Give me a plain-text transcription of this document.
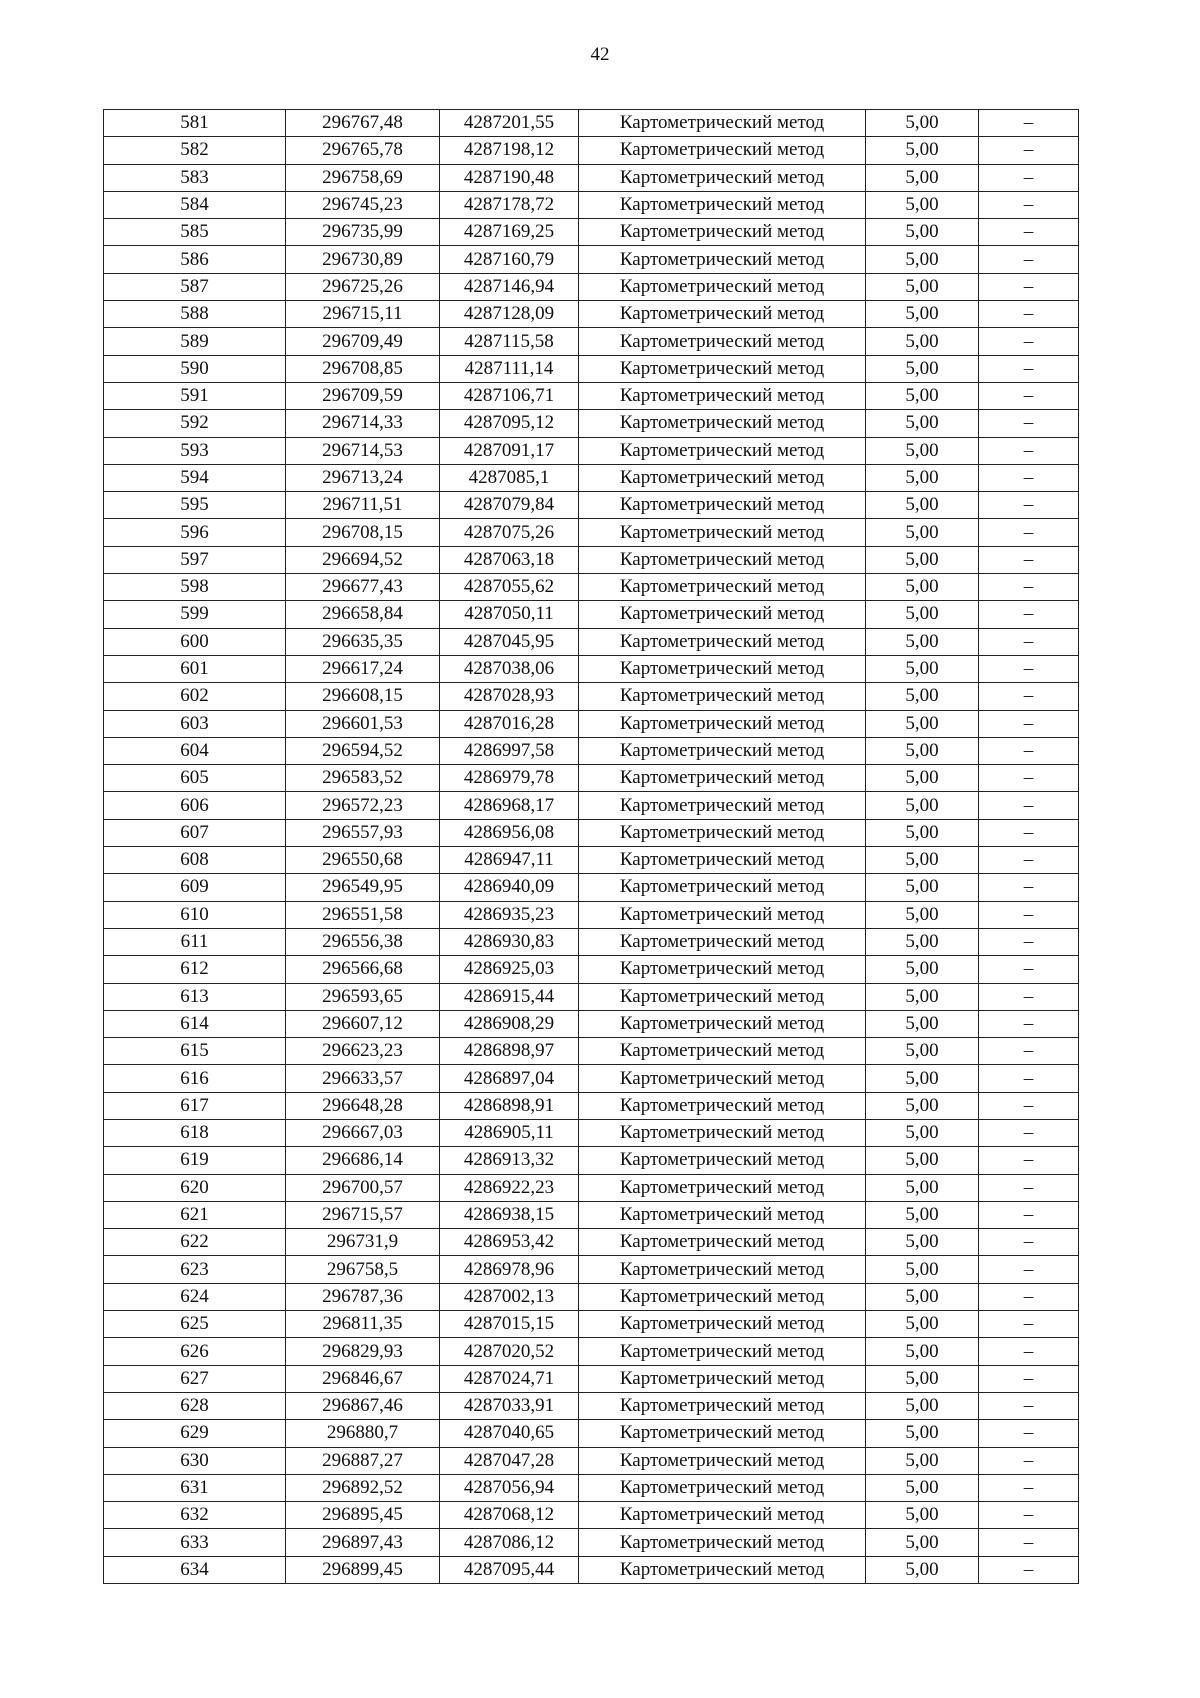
42
581	296767,48	4287201,55	Картометрический метод	5,00	–
582	296765,78	4287198,12	Картометрический метод	5,00	–
583	296758,69	4287190,48	Картометрический метод	5,00	–
584	296745,23	4287178,72	Картометрический метод	5,00	–
585	296735,99	4287169,25	Картометрический метод	5,00	–
586	296730,89	4287160,79	Картометрический метод	5,00	–
587	296725,26	4287146,94	Картометрический метод	5,00	–
588	296715,11	4287128,09	Картометрический метод	5,00	–
589	296709,49	4287115,58	Картометрический метод	5,00	–
590	296708,85	4287111,14	Картометрический метод	5,00	–
591	296709,59	4287106,71	Картометрический метод	5,00	–
592	296714,33	4287095,12	Картометрический метод	5,00	–
593	296714,53	4287091,17	Картометрический метод	5,00	–
594	296713,24	4287085,1	Картометрический метод	5,00	–
595	296711,51	4287079,84	Картометрический метод	5,00	–
596	296708,15	4287075,26	Картометрический метод	5,00	–
597	296694,52	4287063,18	Картометрический метод	5,00	–
598	296677,43	4287055,62	Картометрический метод	5,00	–
599	296658,84	4287050,11	Картометрический метод	5,00	–
600	296635,35	4287045,95	Картометрический метод	5,00	–
601	296617,24	4287038,06	Картометрический метод	5,00	–
602	296608,15	4287028,93	Картометрический метод	5,00	–
603	296601,53	4287016,28	Картометрический метод	5,00	–
604	296594,52	4286997,58	Картометрический метод	5,00	–
605	296583,52	4286979,78	Картометрический метод	5,00	–
606	296572,23	4286968,17	Картометрический метод	5,00	–
607	296557,93	4286956,08	Картометрический метод	5,00	–
608	296550,68	4286947,11	Картометрический метод	5,00	–
609	296549,95	4286940,09	Картометрический метод	5,00	–
610	296551,58	4286935,23	Картометрический метод	5,00	–
611	296556,38	4286930,83	Картометрический метод	5,00	–
612	296566,68	4286925,03	Картометрический метод	5,00	–
613	296593,65	4286915,44	Картометрический метод	5,00	–
614	296607,12	4286908,29	Картометрический метод	5,00	–
615	296623,23	4286898,97	Картометрический метод	5,00	–
616	296633,57	4286897,04	Картометрический метод	5,00	–
617	296648,28	4286898,91	Картометрический метод	5,00	–
618	296667,03	4286905,11	Картометрический метод	5,00	–
619	296686,14	4286913,32	Картометрический метод	5,00	–
620	296700,57	4286922,23	Картометрический метод	5,00	–
621	296715,57	4286938,15	Картометрический метод	5,00	–
622	296731,9	4286953,42	Картометрический метод	5,00	–
623	296758,5	4286978,96	Картометрический метод	5,00	–
624	296787,36	4287002,13	Картометрический метод	5,00	–
625	296811,35	4287015,15	Картометрический метод	5,00	–
626	296829,93	4287020,52	Картометрический метод	5,00	–
627	296846,67	4287024,71	Картометрический метод	5,00	–
628	296867,46	4287033,91	Картометрический метод	5,00	–
629	296880,7	4287040,65	Картометрический метод	5,00	–
630	296887,27	4287047,28	Картометрический метод	5,00	–
631	296892,52	4287056,94	Картометрический метод	5,00	–
632	296895,45	4287068,12	Картометрический метод	5,00	–
633	296897,43	4287086,12	Картометрический метод	5,00	–
634	296899,45	4287095,44	Картометрический метод	5,00	–
